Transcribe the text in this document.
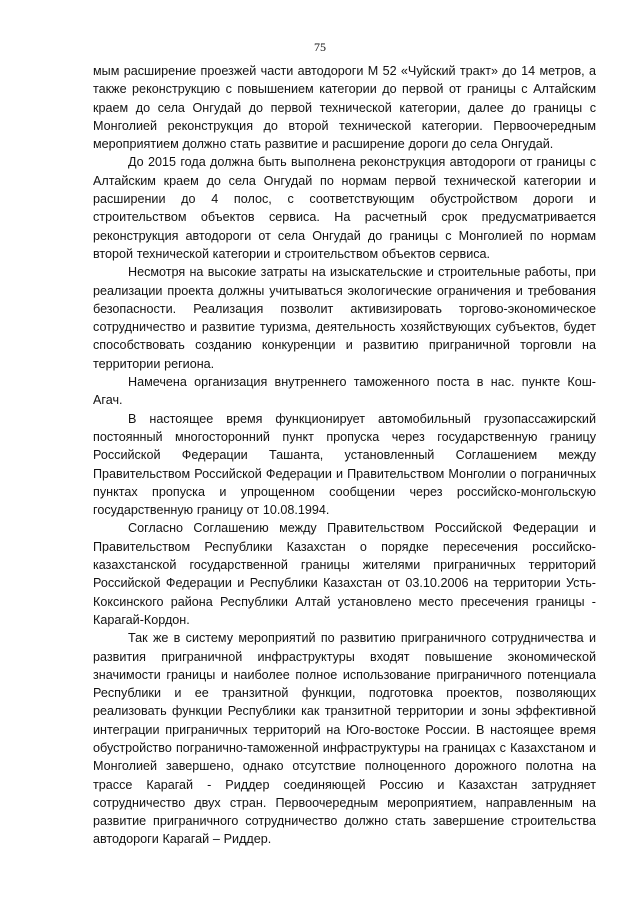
75

мым расширение проезжей части автодороги М 52 «Чуйский тракт» до 14 метров, а также реконструкцию с повышением категории до первой от границы с Алтайским краем до села Онгудай до первой технической категории, далее до границы с Монголией реконструкция до второй технической категории. Первоочередным мероприятием должно стать развитие и расширение дороги до села Онгудай.

До 2015 года должна быть выполнена реконструкция автодороги от границы с Алтайским краем до села Онгудай по нормам первой технической категории и расширении до 4 полос, с соответствующим обустройством дороги и строительством объектов сервиса. На расчетный срок предусматривается реконструкция автодороги от села Онгудай до границы с Монголией по нормам второй технической категории и строительством объектов сервиса.

Несмотря на высокие затраты на изыскательские и строительные работы, при реализации проекта должны учитываться экологические ограничения и требования безопасности. Реализация позволит активизировать торгово-экономическое сотрудничество и развитие туризма, деятельность хозяйствующих субъектов, будет способствовать созданию конкуренции и развитию приграничной торговли на территории региона.

Намечена организация внутреннего таможенного поста в нас. пункте Кош-Агач.

В настоящее время функционирует автомобильный грузопассажирский постоянный многосторонний пункт пропуска через государственную границу Российской Федерации Ташанта, установленный Соглашением между Правительством Российской Федерации и Правительством Монголии о пограничных пунктах пропуска и упрощенном сообщении через российско-монгольскую государственную границу от 10.08.1994.

Согласно Соглашению между Правительством Российской Федерации и Правительством Республики Казахстан о порядке пересечения российско-казахстанской государственной границы жителями приграничных территорий Российской Федерации и Республики Казахстан от 03.10.2006 на территории Усть-Коксинского района Республики Алтай установлено место пресечения границы - Карагай-Кордон.

Так же в систему мероприятий по развитию приграничного сотрудничества и развития приграничной инфраструктуры входят повышение экономической значимости границы и наиболее полное использование приграничного потенциала Республики и ее транзитной функции, подготовка проектов, позволяющих реализовать функции Республики как транзитной территории и зоны эффективной интеграции приграничных территорий на Юго-востоке России. В настоящее время обустройство погранично-таможенной инфраструктуры на границах с Казахстаном и Монголией завершено, однако отсутствие полноценного дорожного полотна на трассе Карагай - Риддер соединяющей Россию и Казахстан затрудняет сотрудничество двух стран. Первоочередным мероприятием, направленным на развитие приграничного сотрудничество должно стать завершение строительства автодороги Карагай – Риддер.
